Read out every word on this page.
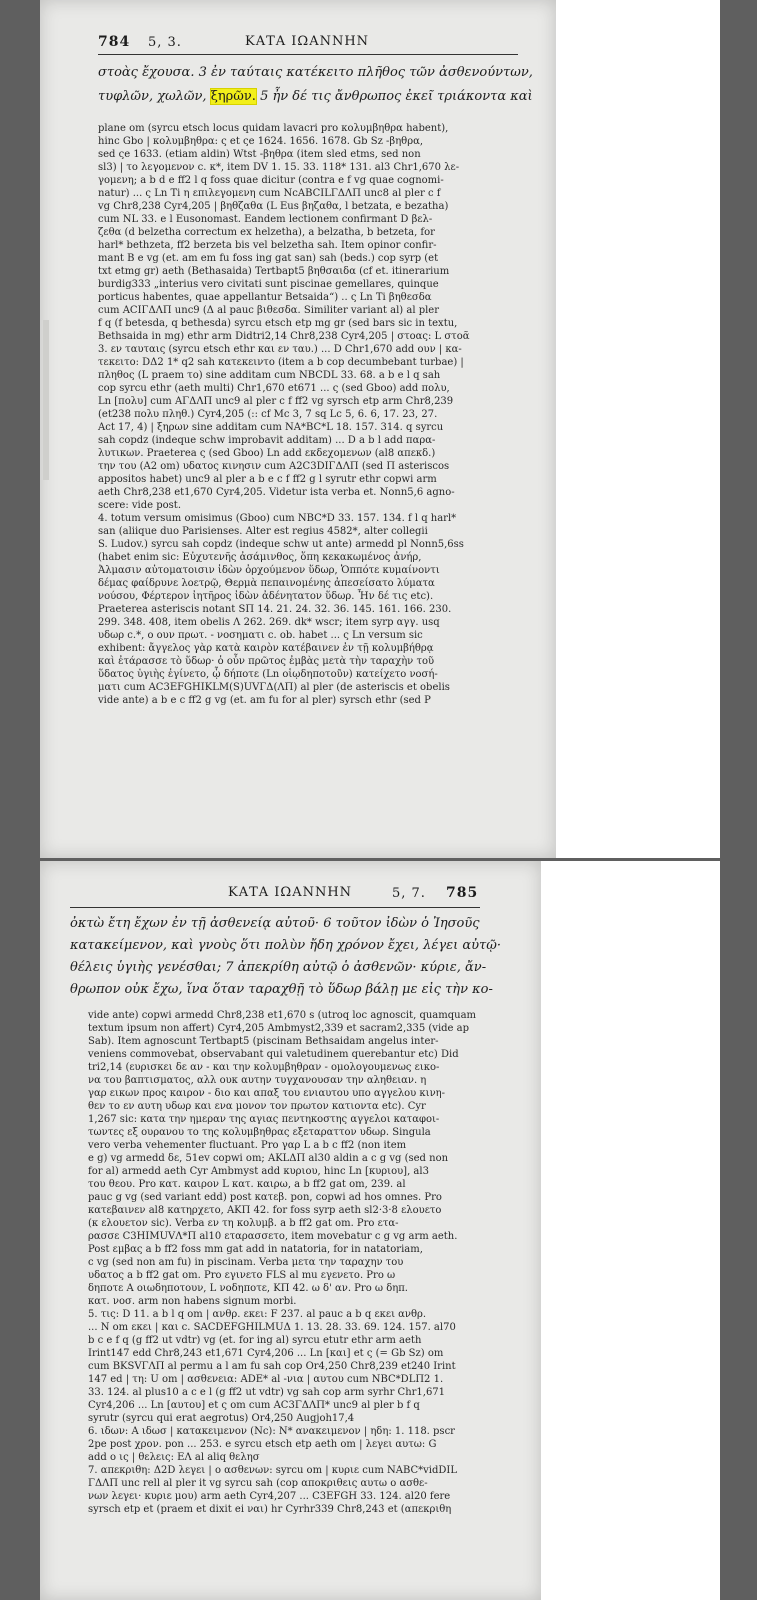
784 5, 3.	ΚΑΤΑ ΙΩΑΝΝΗΝ
στοὰς ἔχουσα. 3 ἐν ταύταις κατέκειτο πλῆθος τῶν ἀσθενούντων,
τυφλῶν, χωλῶν, ξηρῶν. 5 ἦν δέ τις ἄνθρωπος ἐκεῖ τριάκοντα καὶ
plane om (syrcu etsch locus quidam lavacri pro κολυμβηθρα habent),
hinc Gbo | κολυμβηθρα: ς et ςe 1624. 1656. 1678. Gb Sz -βηθρα,
sed ςe 1633. (etiam aldin) Wtst -βηθρα (item sled etms, sed non
sl3) | το λεγομενον c. κ*, item DV 1. 15. 33. 118* 131. al3 Chr1,670 λε-
γομενη; a b d e ff2 l q foss quae dicitur (contra e f vg quae cognomi-
natur) ... ς Ln Ti η επιλεγομενη cum ΝcABCILΓΔΛΠ unc8 al pler c f
vg Chr8,238 Cyr4,205 | βηθζαθα (L Eus βηζαθα, l betzata, e bezatha)
cum ΝL 33. e l Eusonomast. Eandem lectionem confirmant D βελ-
ζεθα (d belzetha correctum ex helzetha), a belzatha, b betzeta, for
harl* bethzeta, ff2 berzeta bis vel belzetha sah. Item opinor confir-
mant B e vg (et. am em fu foss ing gat san) sah (beds.) cop syrp (et
txt etmg gr) aeth (Bethasaida) Tertbapt5 βηθσαιδα (cf et. itinerarium
burdig333 „interius vero civitati sunt piscinae gemellares, quinque
porticus habentes, quae appellantur Betsaida“) .. ς Ln Ti βηθεσδα
cum ACIΓΔΛΠ unc9 (Δ al pauc βιθεσδα. Similiter variant al) al pler
f q (f betesda, q bethesda) syrcu etsch etp mg gr (sed bars sic in textu,
Bethsaida in mg) ethr arm Didtri2,14 Chr8,238 Cyr4,205 | στοας: L στοᾶ
3. εν ταυταις (syrcu etsch ethr και εν ταυ.) ... D Chr1,670 add ουν | κα-
τεκειτο: DΔ2 1* q2 sah κατεκειντο (item a b cop decumbebant turbae) |
πληθος (L praem το) sine additam cum ΝBCDL 33. 68. a b e l q sah
cop syrcu ethr (aeth multi) Chr1,670 et671 ... ς (sed Gboo) add πολυ,
Ln [πολυ] cum AΓΔΛΠ unc9 al pler c f ff2 vg syrsch etp arm Chr8,239
(et238 πολυ πληθ.) Cyr4,205 (:: cf Mc 3, 7 sq Lc 5, 6. 6, 17. 23, 27.
Act 17, 4) | ξηρων sine additam cum ΝA*BC*L 18. 157. 314. q syrcu
sah copdz (indeque schw improbavit additam) ... D a b l add παρα-
λυτικων. Praeterea ς (sed Gboo) Ln add εκδεχομενων (al8 απεκδ.)
την του (A2 om) υδατος κινησιν cum A2C3DIΓΔΛΠ (sed Π asteriscos
appositos habet) unc9 al pler a b e c f ff2 g l syrutr ethr copwi arm
aeth Chr8,238 et1,670 Cyr4,205. Videtur ista verba et. Nonn5,6 agno-
scere: vide post.
4. totum versum omisimus (Gboo) cum ΝBC*D 33. 157. 134. f l q harl*
san (aliique duo Parisienses. Alter est regius 4582*, alter collegii
S. Ludov.) syrcu sah copdz (indeque schw ut ante) armedd pl Nonn5,6ss
(habet enim sic: Εὐχυτενῆς ἀσάμινθος, ὅπη κεκακωμένος ἀνήρ,
Ἀλμασιν αὐτοματοισιν ἰδὼν ὀρχούμενον ὕδωρ, Ὁππότε κυμαίνοντι
δέμας φαίδρυνε λοετρῷ, Θερμὰ πεπαινομένης ἀπεσείσατο λύματα
νούσου, Φέρτερον ἰητῆρος ἰδὼν ἀδένητατον ὕδωρ. Ἦν δέ τις etc).
Praeterea asteriscis notant SΠ 14. 21. 24. 32. 36. 145. 161. 166. 230.
299. 348. 408, item obelis Λ 262. 269. dk* wscr; item syrp αγγ. usq
υδωρ c.*, ο ουν πρωτ. - νοσηματι c. ob. habet ... ς Ln versum sic
exhibent: ἄγγελος γὰρ κατὰ καιρὸν κατέβαινεν ἐν τῇ κολυμβήθρᾳ
καὶ ἐτάρασσε τὸ ὕδωρ· ὁ οὖν πρῶτος ἐμβὰς μετὰ τὴν ταραχὴν τοῦ
ὕδατος ὑγιὴς ἐγίνετο, ᾧ δήποτε (Ln οἱῳδηποτοῦν) κατείχετο νοσή-
ματι cum AC3EFGHIKLM(S)UVΓΔ(ΛΠ) al pler (de asteriscis et obelis
vide ante) a b e c ff2 g vg (et. am fu for al pler) syrsch ethr (sed P
ΚΑΤΑ ΙΩΑΝΝΗΝ	5, 7. 785
ὀκτὼ ἔτη ἔχων ἐν τῇ ἀσθενείᾳ αὐτοῦ· 6 τοῦτον ἰδὼν ὁ Ἰησοῦς
κατακείμενον, καὶ γνοὺς ὅτι πολὺν ἤδη χρόνον ἔχει, λέγει αὐτῷ·
θέλεις ὑγιὴς γενέσθαι; 7 ἀπεκρίθη αὐτῷ ὁ ἀσθενῶν· κύριε, ἄν-
θρωπον οὐκ ἔχω, ἵνα ὅταν ταραχθῇ τὸ ὕδωρ βάλῃ με εἰς τὴν κο-
vide ante) copwi armedd Chr8,238 et1,670 s (utroq loc agnoscit, quamquam
textum ipsum non affert) Cyr4,205 Ambmyst2,339 et sacram2,335 (vide ap
Sab). Item agnoscunt Tertbapt5 (piscinam Bethsaidam angelus inter-
veniens commovebat, observabant qui valetudinem querebantur etc) Did
tri2,14 (ευρισκει δε αν - και την κολυμβηθραν - ομολογουμενως εικο-
να του βαπτισματος, αλλ ουκ αυτην τυγχανουσαν την αληθειαν. η
γαρ εικων προς καιρον - διο και απαξ του ενιαυτου υπο αγγελου κινη-
θεν το εν αυτη υδωρ και ενα μονον τον πρωτον κατιοντα etc). Cyr
1,267 sic: κατα την ημεραν της αγιας πεντηκοστης αγγελοι καταφοι-
τωντες εξ ουρανου το της κολυμβηθρας εξεταραττον υδωρ. Singula
vero verba vehementer fluctuant. Pro γαρ L a b c ff2 (non item
e g) vg armedd δε, 51ev copwi om; AKLΔΠ al30 aldin a c g vg (sed non
for al) armedd aeth Cyr Ambmyst add κυριου, hinc Ln [κυριου], al3
του θεου. Pro κατ. καιρον L κατ. καιρω, a b ff2 gat om, 239. al
pauc g vg (sed variant edd) post κατεβ. pon, copwi ad hos omnes. Pro
κατεβαινεν al8 κατηρχετο, AKΠ 42. for foss syrp aeth sl2·3·8 ελουετο
(κ ελουετον sic). Verba εν τη κολυμβ. a b ff2 gat om. Pro ετα-
ρασσε C3HIMUVΛ*Π al10 εταρασσετο, item movebatur c g vg arm aeth.
Post εμβας a b ff2 foss mm gat add in natatoria, for in natatoriam,
c vg (sed non am fu) in piscinam. Verba μετα την ταραχην του
υδατος a b ff2 gat om. Pro εγινετο FLS al mu εγενετο. Pro ω
δηποτε A οιωδηποτουν, L νοδηποτε, KΠ 42. ω δ' αν. Pro ω δηπ.
κατ. νοσ. arm non habens signum morbi.
5. τις: D 11. a b l q om | ανθρ. εκει: F 237. al pauc a b q εκει ανθρ.
... Ν om εκει | και c. SACDEFGHILMUΔ 1. 13. 28. 33. 69. 124. 157. al70
b c e f q (g ff2 ut vdtr) vg (et. for ing al) syrcu etutr ethr arm aeth
Irint147 edd Chr8,243 et1,671 Cyr4,206 ... Ln [και] et ς (= Gb Sz) om
cum BKSVΓΛΠ al permu a l am fu sah cop Or4,250 Chr8,239 et240 Irint
147 ed | τη: U om | ασθενεια: ADE* al -νια | αυτου cum ΝBC*DLΠ2 1.
33. 124. al plus10 a c e l (g ff2 ut vdtr) vg sah cop arm syrhr Chr1,671
Cyr4,206 ... Ln [αυτου] et ς om cum AC3ΓΔΛΠ* unc9 al pler b f q
syrutr (syrcu qui erat aegrotus) Or4,250 Augjoh17,4
6. ιδων: A ιδωσ | κατακειμενον (Νc): Ν* ανακειμενον | ηδη: 1. 118. pscr
2pe post χρον. pon ... 253. e syrcu etsch etp aeth om | λεγει αυτω: G
add ο ις | θελεις: EΛ al aliq θελησ
7. απεκριθη: Δ2D λεγει | ο ασθενων: syrcu om | κυριε cum ΝABC*vidDIL
ΓΔΛΠ unc rell al pler it vg syrcu sah (cop αποκριθεις αυτω ο ασθε-
νων λεγει· κυριε μου) arm aeth Cyr4,207 ... C3EFGH 33. 124. al20 fere
syrsch etp et (praem et dixit ei ναι) hr Cyrhr339 Chr8,243 et (απεκριθη
